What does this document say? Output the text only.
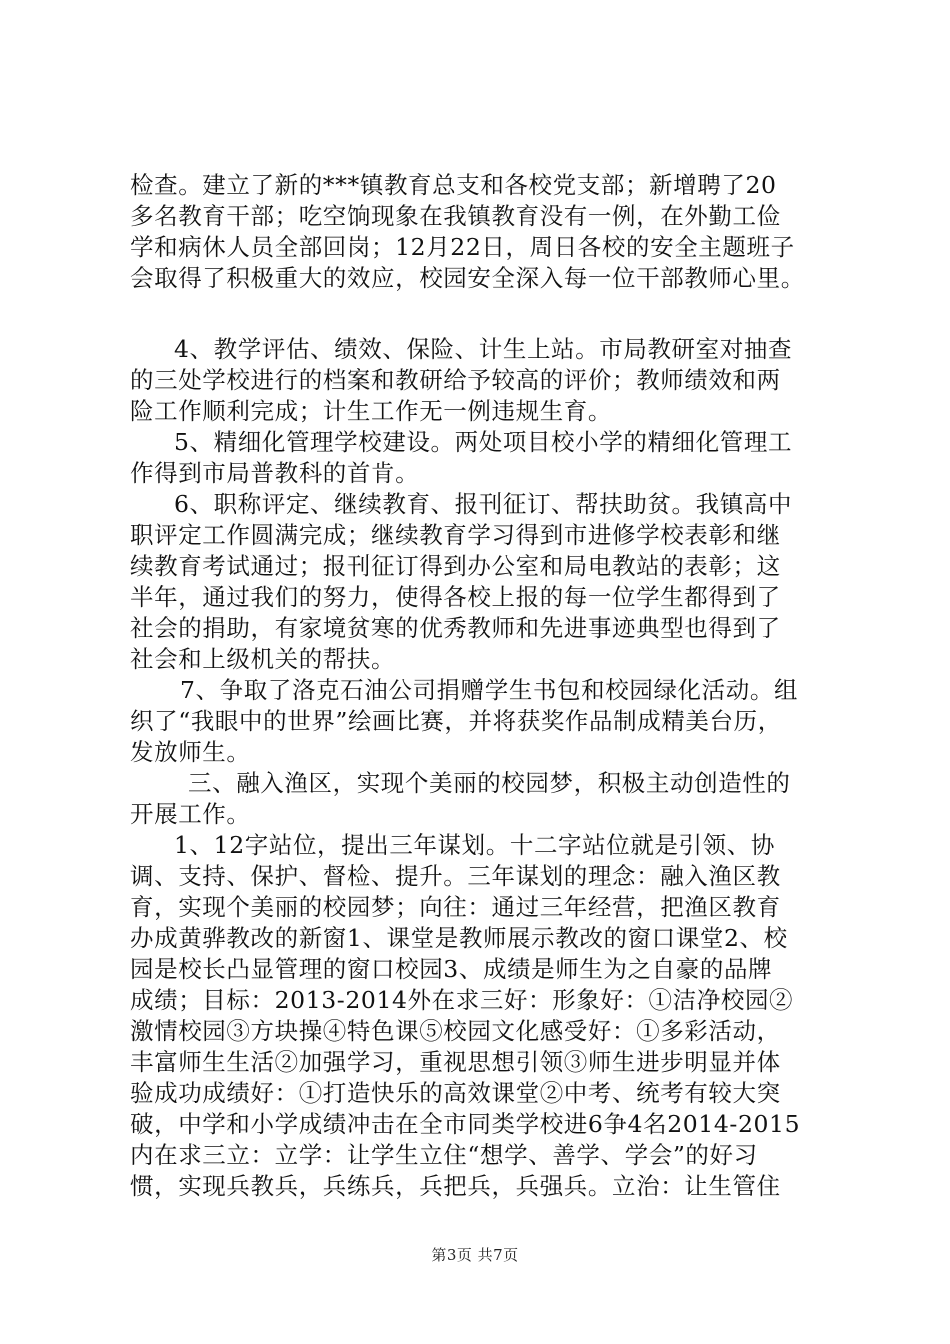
检查。建立了新的***镇教育总支和各校党支部；新增聘了20
多名教育干部；吃空饷现象在我镇教育没有一例，在外勤工俭
学和病休人员全部回岗；12月22日，周日各校的安全主题班子
会取得了积极重大的效应，校园安全深入每一位干部教师心里。
4、教学评估、绩效、保险、计生上站。市局教研室对抽查
的三处学校进行的档案和教研给予较高的评价；教师绩效和两
险工作顺利完成；计生工作无一例违规生育。
5、精细化管理学校建设。两处项目校小学的精细化管理工
作得到市局普教科的首肯。
6、职称评定、继续教育、报刊征订、帮扶助贫。我镇高中
职评定工作圆满完成；继续教育学习得到市进修学校表彰和继
续教育考试通过；报刊征订得到办公室和局电教站的表彰；这
半年，通过我们的努力，使得各校上报的每一位学生都得到了
社会的捐助，有家境贫寒的优秀教师和先进事迹典型也得到了
社会和上级机关的帮扶。
7、争取了洛克石油公司捐赠学生书包和校园绿化活动。组
织了“我眼中的世界”绘画比赛，并将获奖作品制成精美台历，
发放师生。
三、融入渔区，实现个美丽的校园梦，积极主动创造性的
开展工作。
1、12字站位，提出三年谋划。十二字站位就是引领、协
调、支持、保护、督检、提升。三年谋划的理念：融入渔区教
育，实现个美丽的校园梦；向往：通过三年经营，把渔区教育
办成黄骅教改的新窗1、课堂是教师展示教改的窗口课堂2、校
园是校长凸显管理的窗口校园3、成绩是师生为之自豪的品牌
成绩；目标：2013-2014外在求三好：形象好：①洁净校园②
激情校园③方块操④特色课⑤校园文化感受好：①多彩活动，
丰富师生生活②加强学习，重视思想引领③师生进步明显并体
验成功成绩好：①打造快乐的高效课堂②中考、统考有较大突
破，中学和小学成绩冲击在全市同类学校进6争4名2014-2015
内在求三立：立学：让学生立住“想学、善学、学会”的好习
惯，实现兵教兵，兵练兵，兵把兵，兵强兵。立治：让生管住
第3页 共7页
